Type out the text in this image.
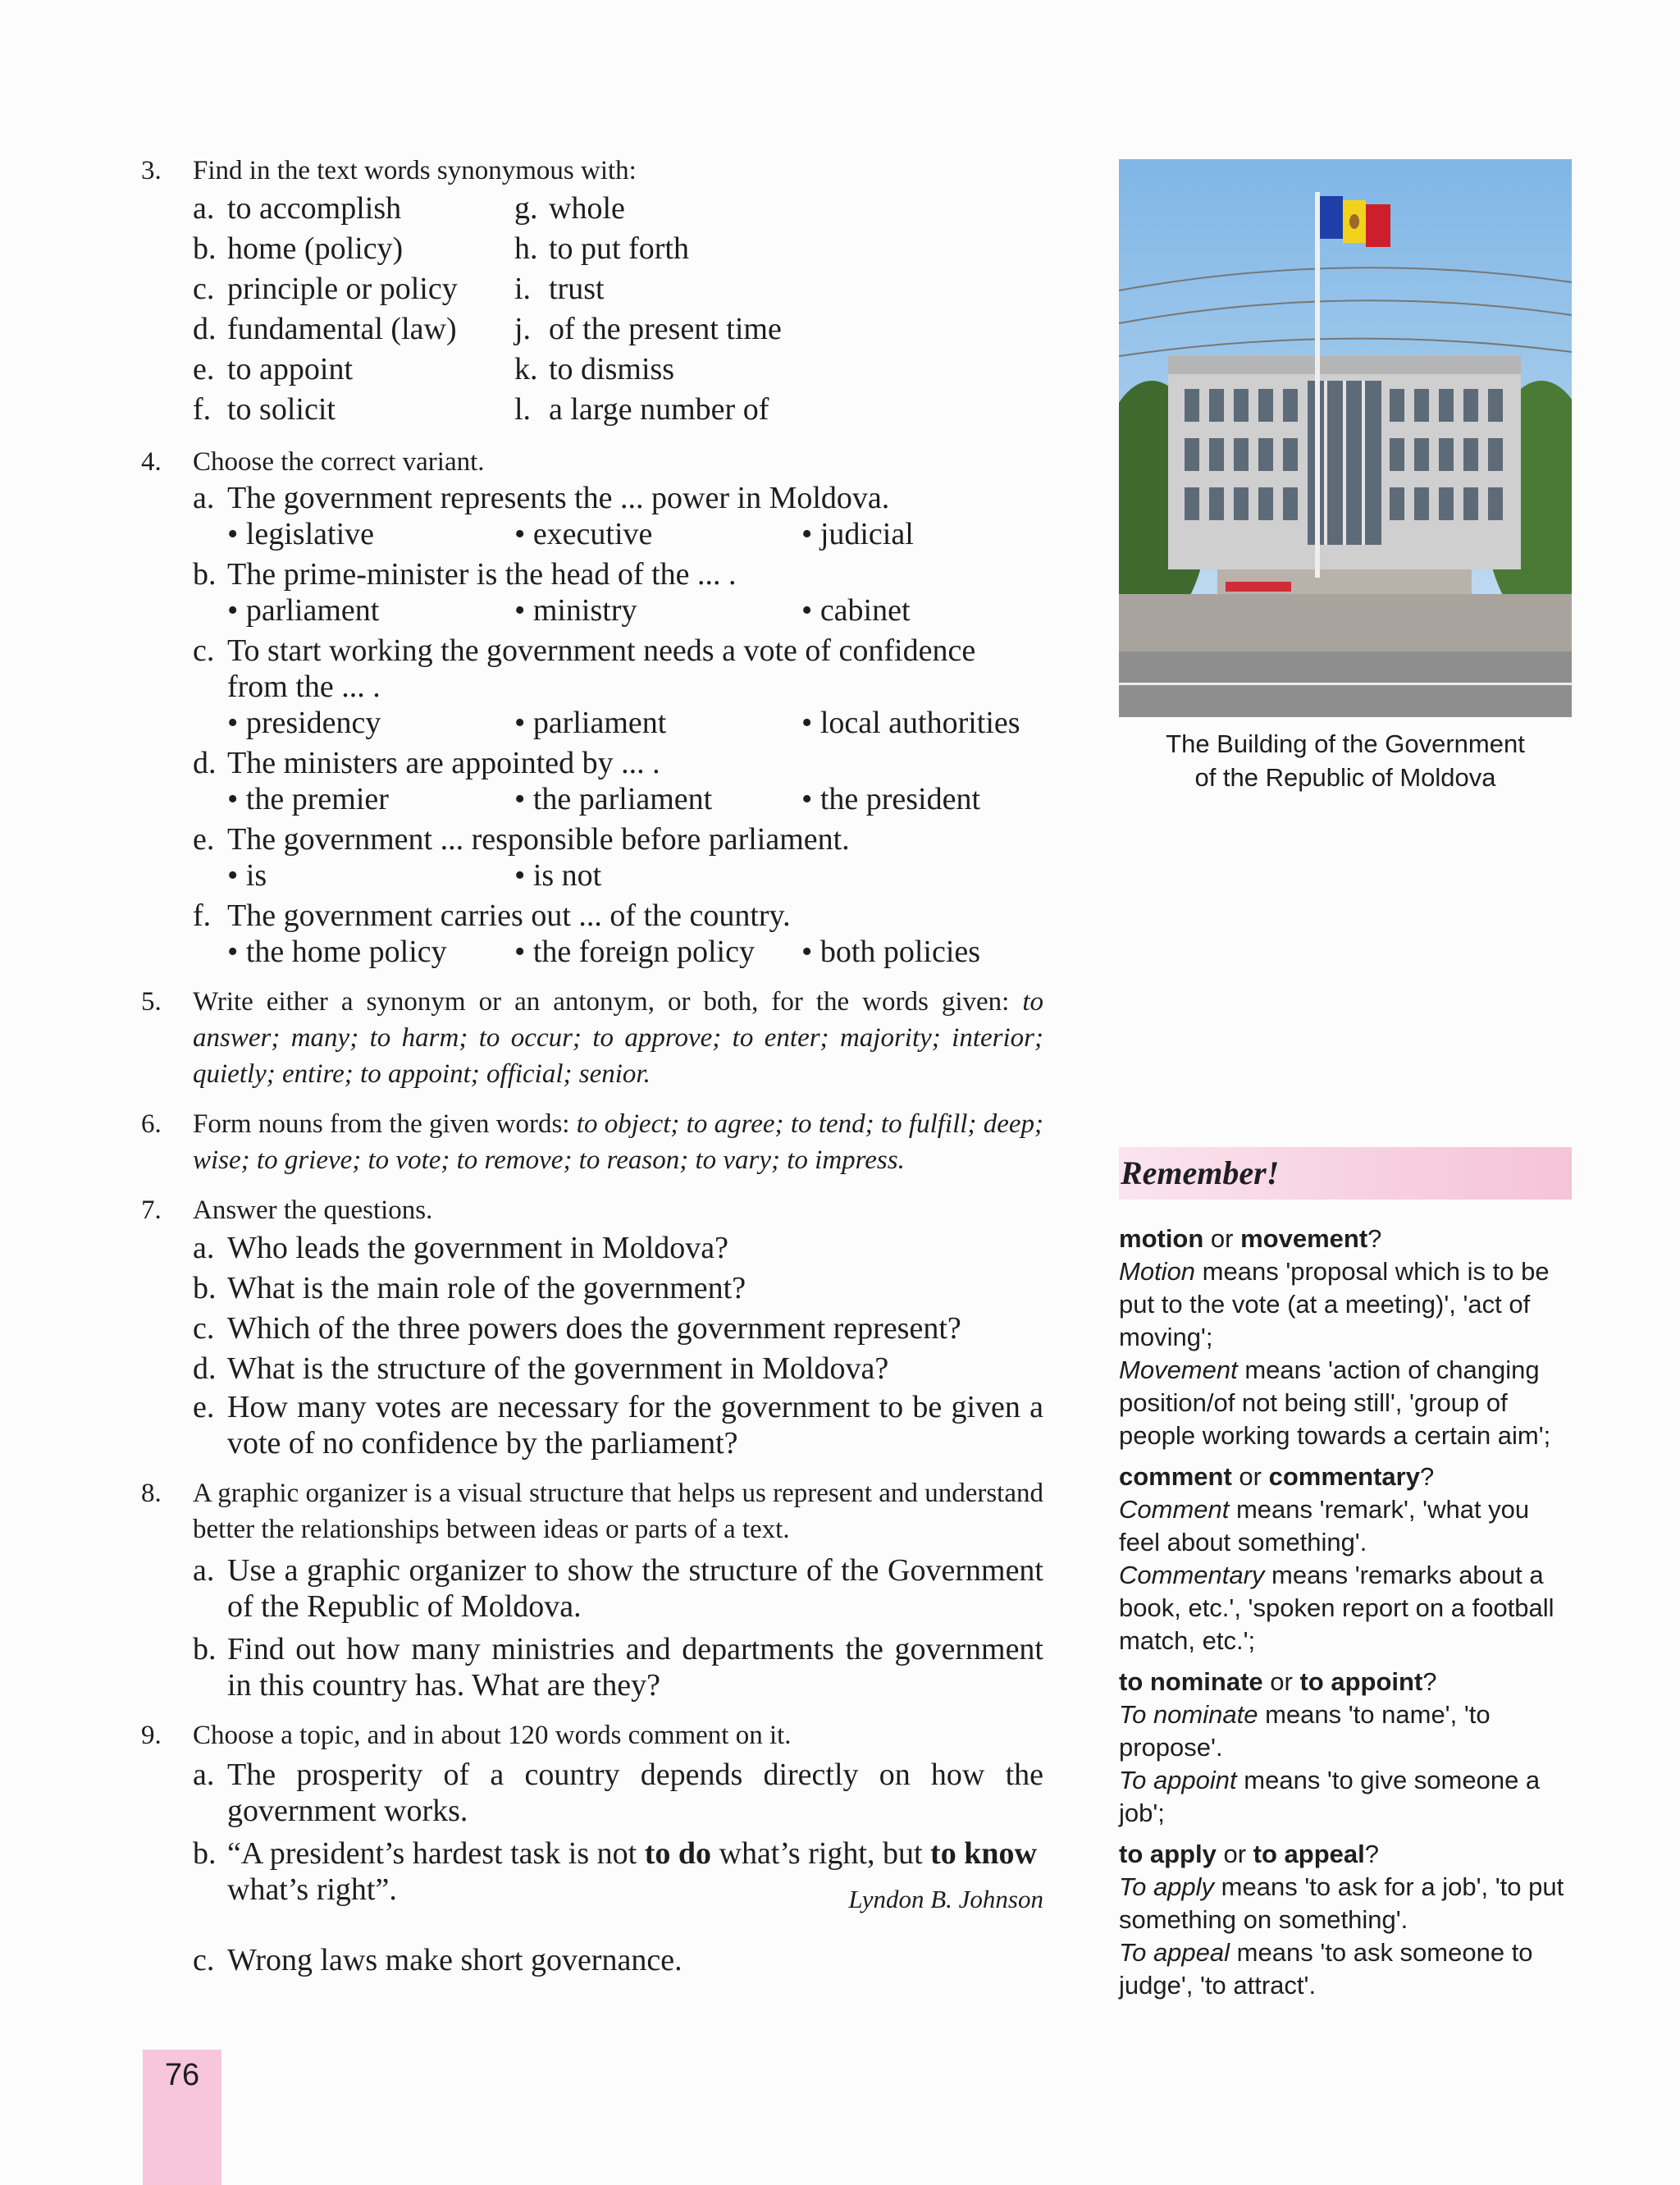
3. Find in the text words synonymous with:
a. to accomplish	g. whole
b. home (policy)	h. to put forth
c. principle or policy i. trust
d. fundamental (law) j. of the present time
e. to appoint	k. to dismiss
f. to solicit	l. a large number of
4. Choose the correct variant.
a. The government represents the ... power in Moldova.
• legislative	• executive	• judicial
b. The prime-minister is the head of the ... .
• parliament	• ministry	• cabinet
c. To start working the government needs a vote of confidence
from the ... .
• presidency	• parliament	• local authorities
d. The ministers are appointed by ... .
• the premier	• the parliament	• the president
e. The government ... responsible before parliament.
• is	• is not
f. The government carries out ... of the country.
• the home policy	• the foreign policy	• both policies
5. Write either a synonym or an antonym, or both, for the words given: to answer; many; to harm; to occur; to approve; to enter; majority; interior; quietly; entire; to appoint; official; senior.
6. Form nouns from the given words: to object; to agree; to tend; to fulfill; deep; wise; to grieve; to vote; to remove; to reason; to vary; to impress.
7. Answer the questions.
a. Who leads the government in Moldova?
b. What is the main role of the government?
c. Which of the three powers does the government represent?
d. What is the structure of the government in Moldova?
e. How many votes are necessary for the government to be given a vote of no confidence by the parliament?
8. A graphic organizer is a visual structure that helps us represent and understand better the relationships between ideas or parts of a text.
a. Use a graphic organizer to show the structure of the Government of the Republic of Moldova.
b. Find out how many ministries and departments the government in this country has. What are they?
9. Choose a topic, and in about 120 words comment on it.
a. The prosperity of a country depends directly on how the government works.
b. “A president’s hardest task is not to do what’s right, but to know what’s right”.	Lyndon B. Johnson
c. Wrong laws make short governance.
The Building of the Government
of the Republic of Moldova
Remember!
motion or movement?
Motion means 'proposal which is to be put to the vote (at a meeting)', 'act of moving';
Movement means 'action of changing position/of not being still', 'group of people working towards a certain aim';
comment or commentary?
Comment means 'remark', 'what you feel about something'.
Commentary means 'remarks about a book, etc.', 'spoken report on a football match, etc.';
to nominate or to appoint?
To nominate means 'to name', 'to propose'.
To appoint means 'to give someone a job';
to apply or to appeal?
To apply means 'to ask for a job', 'to put something on something'.
To appeal means 'to ask someone to judge', 'to attract'.
76
